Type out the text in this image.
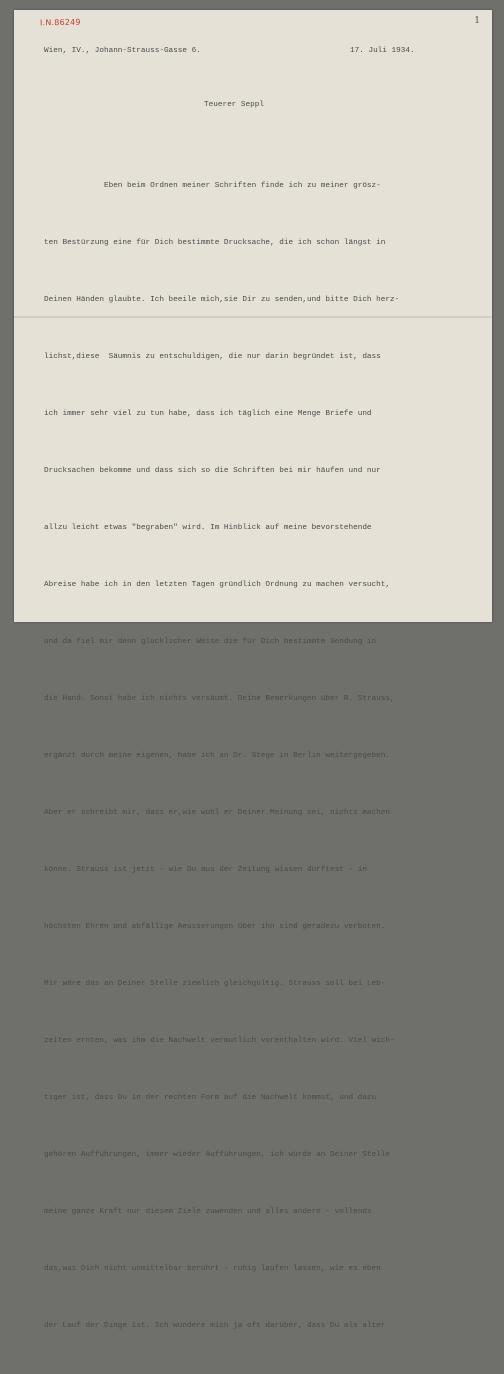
I.N.86249	1
Wien, IV., Johann-Strauss-Gasse 6.	17. Juli 1934.
Teuerer Seppl

Eben beim Ordnen meiner Schriften finde ich zu meiner grösz-

ten Bestürzung eine für Dich bestimmte Drucksache, die ich schon längst in

Deinen Händen glaubte. Ich beeile mich,sie Dir zu senden,und bitte Dich herz-

lichst,diese  Säumnis zu entschuldigen, die nur darin begründet ist, dass

ich immer sehr viel zu tun habe, dass ich täglich eine Menge Briefe und

Drucksachen bekomme und dass sich so die Schriften bei mir häufen und nur

allzu leicht etwas "begraben" wird. Im Hinblick auf meine bevorstehende

Abreise habe ich in den letzten Tagen gründlich Ordnung zu machen versucht,

und da fiel mir denn glücklicher Weise die für Dich bestimmte Sendung in

die Hand. Sonst habe ich nichts versäumt. Deine Bemerkungen über R. Strauss,

ergänzt durch meine eigenen, habe ich an Dr. Stege in Berlin weitergegeben.

Aber er schreibt mir, dass er,wie wohl er Deiner Meinung sei, nichts machen

könne. Strauss ist jetzt - wie Du aus der Zeitung wissen dürftest - in

höchsten Ehren und abfällige Aeusserungen über ihn sind geradezu verboten.

Mir wäre das an Deiner Stelle ziemlich gleichgültig. Strauss soll bei Leb-

zeiten ernten, was ihm die Nachwelt vermutlich vorenthalten wird. Viel wich-

tiger ist, dass Du in der rechten Form auf die Nachwelt kommst, und dazu

gehören Aufführungen, immer wieder Aufführungen, ich würde an Deiner Stelle

meine ganze Kraft nur diesem Ziele zuwenden und alles andere - vollends

das,was Dich nicht unmittelbar berührt - ruhig laufen lassen, wie es eben

der Lauf der Dinge ist. Ich wundere mich ja oft darüber, dass Du als alter
